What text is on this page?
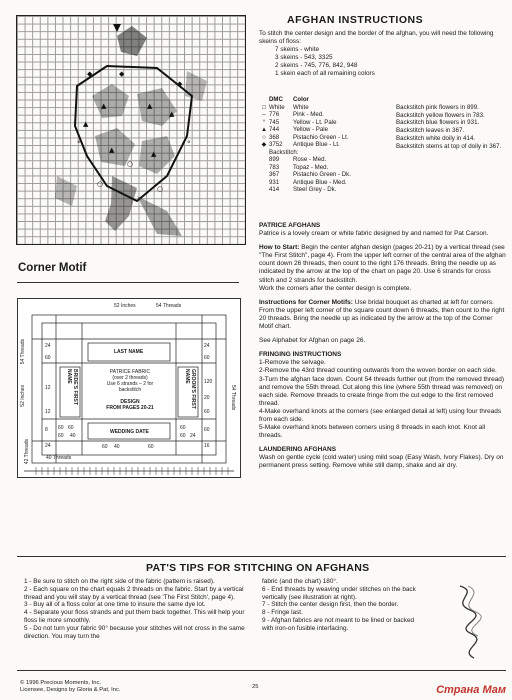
▲	▲
▲	▲
▲
▲
◆
◆
◆
○
○
○
°	°
AFGHAN INSTRUCTIONS
To stitch the center design and the border of the afghan, you will need the following skeins of floss:
7 skeins - white
3 skeins - 543, 3325
2 skeins - 745, 776, 842, 948
1 skein each of all remaining colors
DMC	Color
□ White	White
– 776	Pink - Med.
° 745	Yellow - Lt. Pale
▲ 744	Yellow - Pale
○ 368	Pistachio Green - Lt.
◆ 3752	Antique Blue - Lt.
Backstitch:
899	Rose - Med.
783	Topaz - Med.
367	Pistachio Green - Dk.
931	Antique Blue - Med.
414	Steel Grey - Dk.
Backstitch pink flowers in 899.
Backstitch yellow flowers in 783.
Backstitch blue flowers in 931.
Backstitch leaves in 367.
Backstitch white doily in 414.
Backstitch stems at top of doily in 367.
PATRICE AFGHANS
Patrice is a lovely cream or white fabric designed by and named for Pat Carson.
How to Start: Begin the center afghan design (pages 20-21) by a vertical thread (see "The First Stitch", page 4). From the upper left corner of the central area of the afghan count down 26 threads, then count to the right 176 threads. Bring the needle up as indicated by the arrow at the top of the chart on page 20. Use 6 strands for cross stitch and 2 strands for backstitch.
Work the corners after the center design is complete.
Instructions for Corner Motifs: Use bridal bouquet as charted at left for corners. From the upper left corner of the square count down 6 threads, then count to the right 20 threads. Bring the needle up as indicated by the arrow at the top of the Corner Motif chart.
See Alphabet for Afghan on page 26.
FRINGING INSTRUCTIONS
1-Remove the selvage.
2-Remove the 43rd thread counting outwards from the woven border on each side.
3-Turn the afghan face down. Count 54 threads further out (from the removed thread) and remove the 55th thread. Cut along this line (where 55th thread was removed) on each side. Remove threads to create fringe from the cut edge to the first removed thread.
4-Make overhand knots at the corners (see enlarged detail at left) using four threads from each side.
5-Make overhand knots between corners using 8 threads in each knot. Knot all threads.
LAUNDERING AFGHANS
Wash on gentle cycle (cold water) using mild soap (Easy Wash, Ivory Flakes). Dry on permanent press setting. Remove while still damp, shake and air dry.
Corner Motif
52 Inches	54 Threads
LAST NAME
PATRICE FABRIC
(over 2 threads)
Use 6 strands – 2 for
backstitch
DESIGN
FROM PAGES 20-21
BRIDE'S FIRST NAME	GROOM'S FIRST NAME
WEDDING DATE
54 Threads
52 Inches	54 Threads
42 Threads	40 Threads
24
60
12
120
60
24
60 60
60
60
24
60
40
12	60
8
24	60 40	60	16
60
20
PAT'S TIPS FOR STITCHING ON AFGHANS
1 - Be sure to stitch on the right side of the fabric (pattern is raised).
2 - Each square on the chart equals 2 threads on the fabric. Start by a vertical thread and you will stay by a vertical thread (see 'The First Stitch', page 4).
3 - Buy all of a floss color at one time to insure the same dye lot.
4 - Separate your floss strands and put them back together. This will help your floss lie more smoothly.
5 - Do not turn your fabric 90° because your stitches will not cross in the same direction. You may turn the
fabric (and the chart) 180°.
6 - End threads by weaving under stitches on the back vertically (see illustration at right).
7 - Stitch the center design first, then the border.
8 - Fringe last.
9 - Afghan fabrics are not meant to be lined or backed with iron-on fusible interfacing.
© 1996 Precious Moments, Inc.
Licensee, Designs by Gloria & Pat, Inc.	25	Страна Мам
